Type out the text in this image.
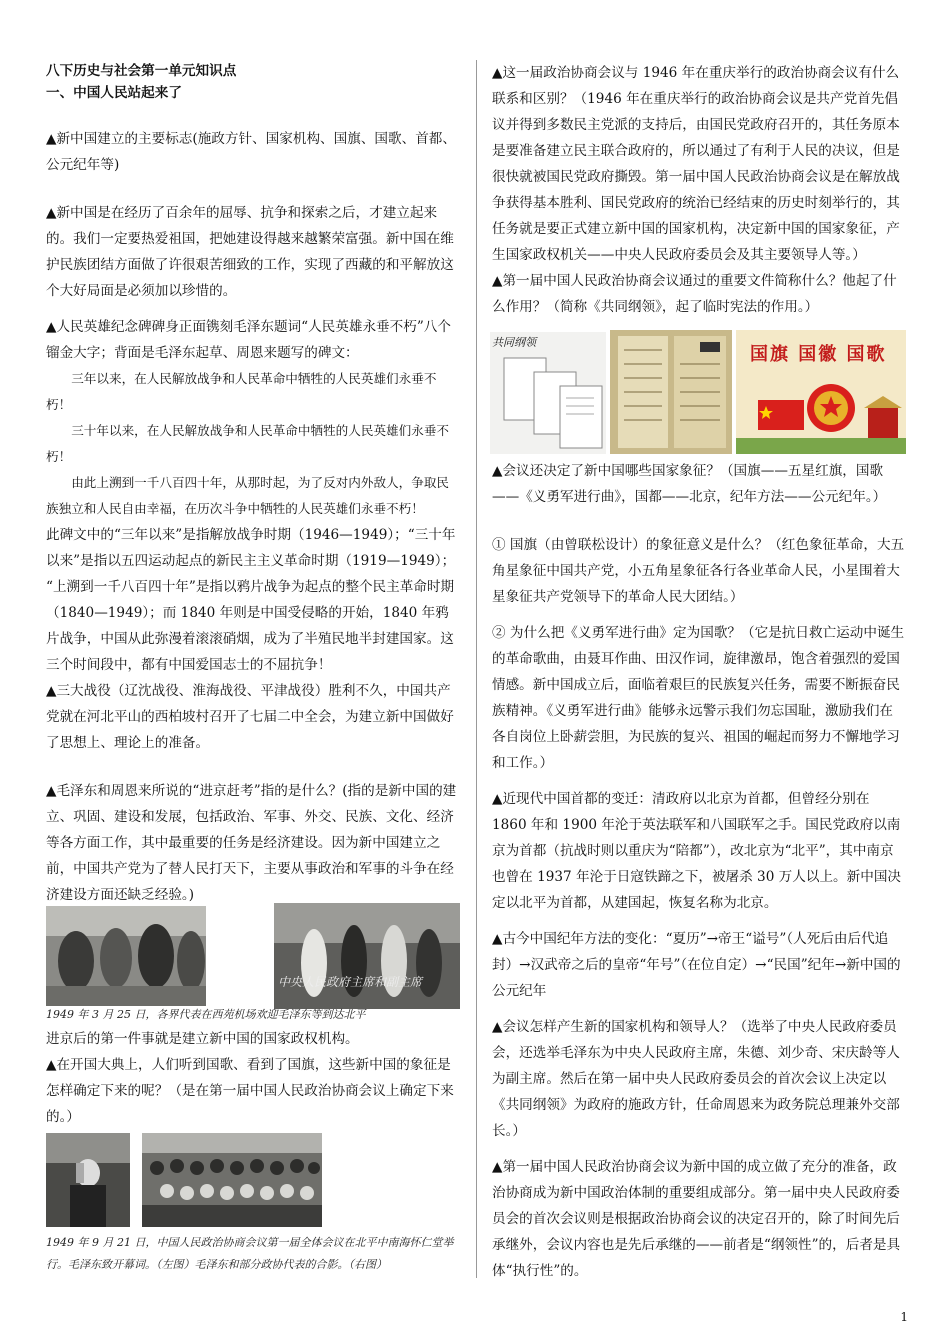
八下历史与社会第一单元知识点
一、中国人民站起来了

▲新中国建立的主要标志(施政方针、国家机构、国旗、国歌、首都、公元纪年等)

▲新中国是在经历了百余年的屈辱、抗争和探索之后，才建立起来的。我们一定要热爱祖国，把她建设得越来越繁荣富强。新中国在维护民族团结方面做了许很艰苦细致的工作，实现了西藏的和平解放这个大好局面是必须加以珍惜的。

▲人民英雄纪念碑碑身正面镌刻毛泽东题词“人民英雄永垂不朽”八个镏金大字；背面是毛泽东起草、周恩来题写的碑文：

三年以来，在人民解放战争和人民革命中牺牲的人民英雄们永垂不朽！

三十年以来，在人民解放战争和人民革命中牺牲的人民英雄们永垂不朽！

由此上溯到一千八百四十年，从那时起，为了反对内外敌人，争取民族独立和人民自由幸福，在历次斗争中牺牲的人民英雄们永垂不朽！

此碑文中的“三年以来”是指解放战争时期（1946—1949）；“三十年以来”是指以五四运动起点的新民主主义革命时期（1919—1949）；

“上溯到一千八百四十年”是指以鸦片战争为起点的整个民主革命时期（1840—1949）；而 1840 年则是中国受侵略的开始，1840 年鸦片战争，中国从此弥漫着滚滚硝烟，成为了半殖民地半封建国家。这三个时间段中，都有中国爱国志士的不屈抗争！

▲三大战役（辽沈战役、淮海战役、平津战役）胜利不久，中国共产党就在河北平山的西柏坡村召开了七届二中全会，为建立新中国做好了思想上、理论上的准备。

▲毛泽东和周恩来所说的“进京赶考”指的是什么？(指的是新中国的建立、巩固、建设和发展，包括政治、军事、外交、民族、文化、经济等各方面工作，其中最重要的任务是经济建设。因为新中国建立之前，中国共产党为了替人民打天下，主要从事政治和军事的斗争在经济建设方面还缺乏经验。)

中央人民政府主席和副主席
1949 年 3 月 25 日，各界代表在西苑机场欢迎毛泽东等到达北平

进京后的第一件事就是建立新中国的国家政权机构。

▲在开国大典上，人们听到国歌、看到了国旗，这些新中国的象征是怎样确定下来的呢？（是在第一届中国人民政治协商会议上确定下来的。）

1949 年 9 月 21 日，中国人民政治协商会议第一届全体会议在北平中南海怀仁堂举行。毛泽东致开幕词。（左图）毛泽东和部分政协代表的合影。（右图）

▲这一届政治协商会议与 1946 年在重庆举行的政治协商会议有什么联系和区别？（1946 年在重庆举行的政治协商会议是共产党首先倡议并得到多数民主党派的支持后，由国民党政府召开的，其任务原本是要准备建立民主联合政府的，所以通过了有利于人民的决议，但是很快就被国民党政府撕毁。第一届中国人民政治协商会议是在解放战争获得基本胜利、国民党政府的统治已经结束的历史时刻举行的，其任务就是要正式建立新中国的国家机构，决定新中国的国家象征，产生国家政权机关——中央人民政府委员会及其主要领导人等。）

▲第一届中国人民政治协商会议通过的重要文件简称什么？他起了什么作用？（简称《共同纲领》，起了临时宪法的作用。）

共同纲领
国旗 国徽 国歌

▲会议还决定了新中国哪些国家象征？（国旗——五星红旗，国歌——《义勇军进行曲》，国都——北京，纪年方法——公元纪年。）

① 国旗（由曾联松设计）的象征意义是什么？（红色象征革命，大五角星象征中国共产党，小五角星象征各行各业革命人民，小星围着大星象征共产党领导下的革命人民大团结。）

② 为什么把《义勇军进行曲》定为国歌？（它是抗日救亡运动中诞生的革命歌曲，由聂耳作曲、田汉作词，旋律激昂，饱含着强烈的爱国情感。新中国成立后，面临着艰巨的民族复兴任务，需要不断振奋民族精神。《义勇军进行曲》能够永远警示我们勿忘国耻，激励我们在各自岗位上卧薪尝胆，为民族的复兴、祖国的崛起而努力不懈地学习和工作。）

▲近现代中国首都的变迁：清政府以北京为首都，但曾经分别在 1860 年和 1900 年沦于英法联军和八国联军之手。国民党政府以南京为首都（抗战时则以重庆为“陪都”），改北京为“北平”，其中南京也曾在 1937 年沦于日寇铁蹄之下，被屠杀 30 万人以上。新中国决定以北平为首都，从建国起，恢复名称为北京。

▲古今中国纪年方法的变化：“夏历”→帝王“谥号”（人死后由后代追封）→汉武帝之后的皇帝“年号”（在位自定）→“民国”纪年→新中国的公元纪年

▲会议怎样产生新的国家机构和领导人？（选举了中央人民政府委员会，还选举毛泽东为中央人民政府主席，朱德、刘少奇、宋庆龄等人为副主席。然后在第一届中央人民政府委员会的首次会议上决定以《共同纲领》为政府的施政方针，任命周恩来为政务院总理兼外交部长。）

▲第一届中国人民政治协商会议为新中国的成立做了充分的准备，政治协商成为新中国政治体制的重要组成部分。第一届中央人民政府委员会的首次会议则是根据政治协商会议的决定召开的，除了时间先后承继外，会议内容也是先后承继的——前者是“纲领性”的，后者是具体“执行性”的。

1
